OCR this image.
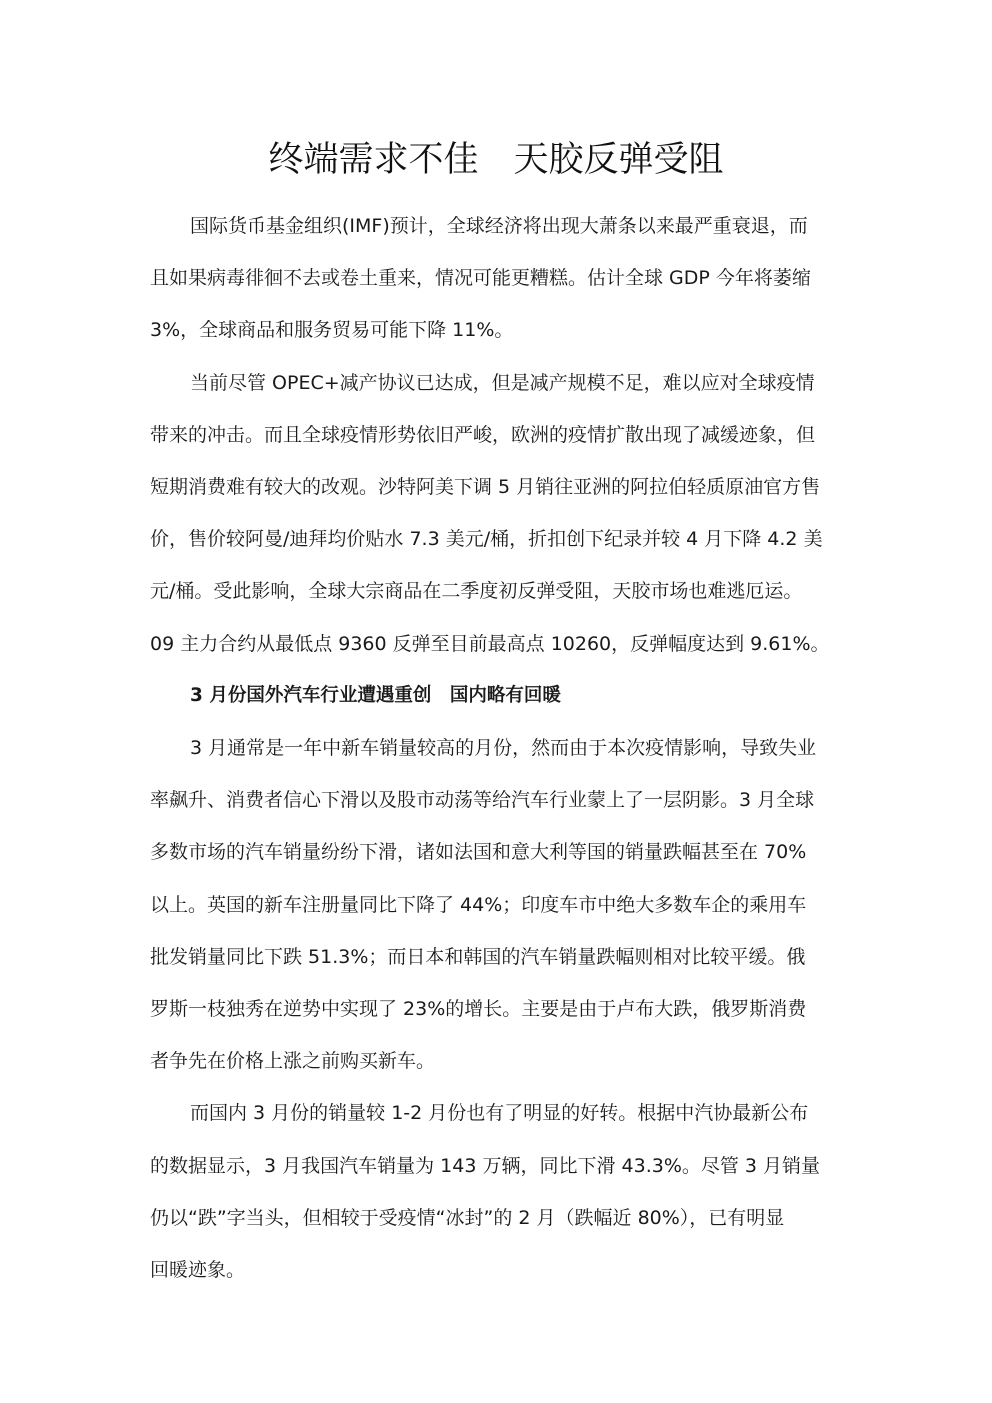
终端需求不佳　天胶反弹受阻

国际货币基金组织(IMF)预计，全球经济将出现大萧条以来最严重衰退，而
且如果病毒徘徊不去或卷土重来，情况可能更糟糕。估计全球 GDP 今年将萎缩
3%，全球商品和服务贸易可能下降 11%。

当前尽管 OPEC+减产协议已达成，但是减产规模不足，难以应对全球疫情
带来的冲击。而且全球疫情形势依旧严峻，欧洲的疫情扩散出现了减缓迹象，但
短期消费难有较大的改观。沙特阿美下调 5 月销往亚洲的阿拉伯轻质原油官方售
价，售价较阿曼/迪拜均价贴水 7.3 美元/桶，折扣创下纪录并较 4 月下降 4.2 美
元/桶。受此影响，全球大宗商品在二季度初反弹受阻，天胶市场也难逃厄运。
09 主力合约从最低点 9360 反弹至目前最高点 10260，反弹幅度达到 9.61%。

3 月份国外汽车行业遭遇重创　国内略有回暖

3 月通常是一年中新车销量较高的月份，然而由于本次疫情影响，导致失业
率飙升、消费者信心下滑以及股市动荡等给汽车行业蒙上了一层阴影。3 月全球
多数市场的汽车销量纷纷下滑，诸如法国和意大利等国的销量跌幅甚至在 70%
以上。英国的新车注册量同比下降了 44%；印度车市中绝大多数车企的乘用车
批发销量同比下跌 51.3%；而日本和韩国的汽车销量跌幅则相对比较平缓。俄
罗斯一枝独秀在逆势中实现了 23%的增长。主要是由于卢布大跌，俄罗斯消费
者争先在价格上涨之前购买新车。

而国内 3 月份的销量较 1-2 月份也有了明显的好转。根据中汽协最新公布
的数据显示，3 月我国汽车销量为 143 万辆，同比下滑 43.3%。尽管 3 月销量
仍以“跌”字当头，但相较于受疫情“冰封”的 2 月（跌幅近 80%），已有明显
回暖迹象。
